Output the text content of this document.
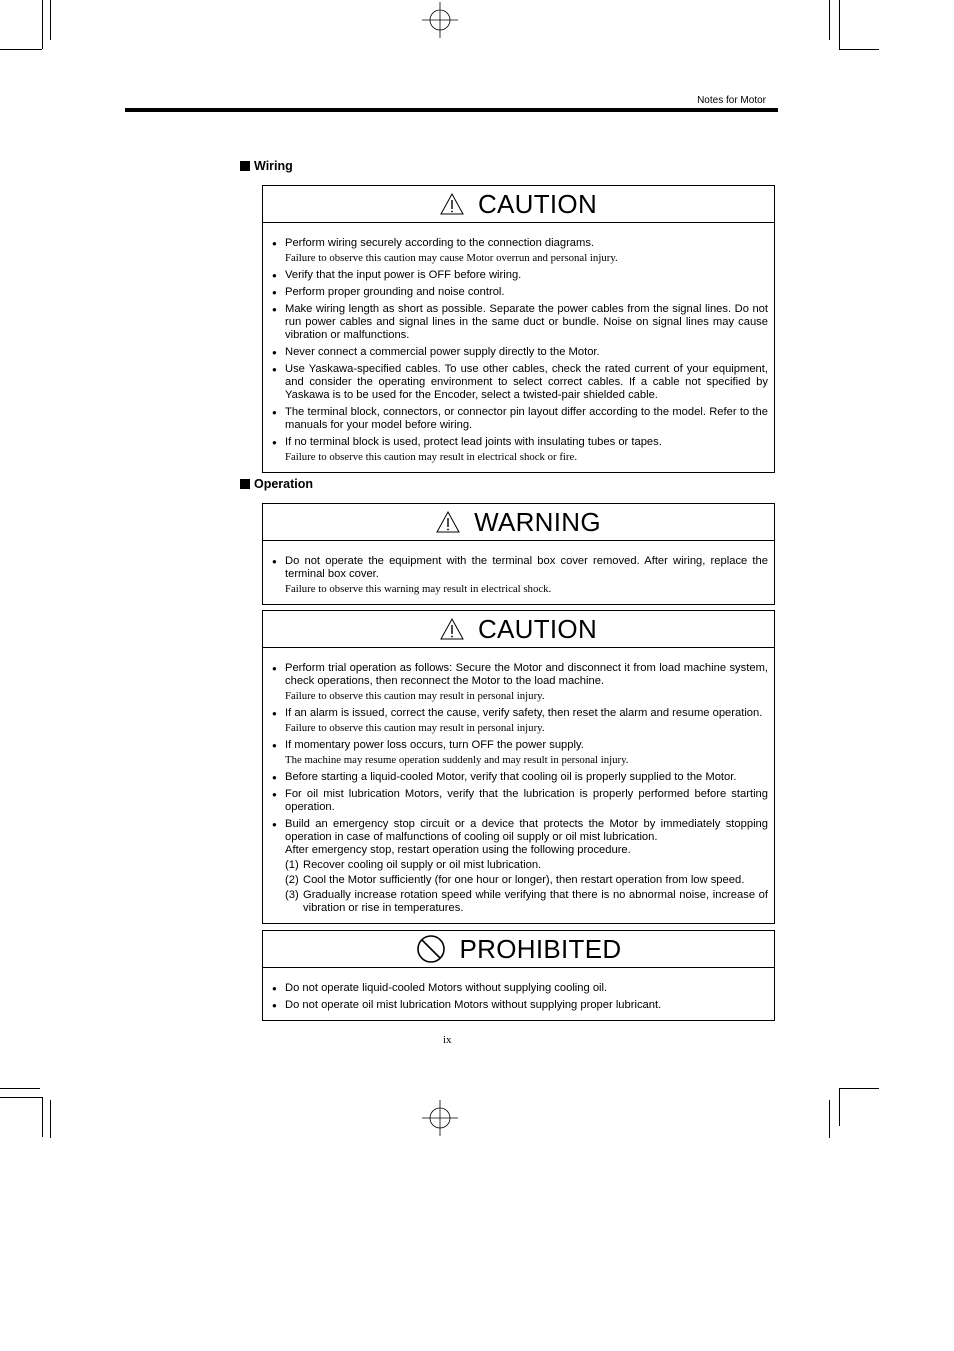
Notes for Motor
Wiring
CAUTION
● Perform wiring securely according to the connection diagrams.
Failure to observe this caution may cause Motor overrun and personal injury.
● Verify that the input power is OFF before wiring.
● Perform proper grounding and noise control.
● Make wiring length as short as possible. Separate the power cables from the signal lines. Do not run power cables and signal lines in the same duct or bundle. Noise on signal lines may cause vibration or malfunctions.
● Never connect a commercial power supply directly to the Motor.
● Use Yaskawa-specified cables. To use other cables, check the rated current of your equipment, and consider the operating environment to select correct cables. If a cable not specified by Yaskawa is to be used for the Encoder, select a twisted-pair shielded cable.
● The terminal block, connectors, or connector pin layout differ according to the model. Refer to the manuals for your model before wiring.
● If no terminal block is used, protect lead joints with insulating tubes or tapes.
Failure to observe this caution may result in electrical shock or fire.
Operation
WARNING
● Do not operate the equipment with the terminal box cover removed. After wiring, replace the terminal box cover.
Failure to observe this warning may result in electrical shock.
CAUTION
● Perform trial operation as follows: Secure the Motor and disconnect it from load machine system, check operations, then reconnect the Motor to the load machine.
Failure to observe this caution may result in personal injury.
● If an alarm is issued, correct the cause, verify safety, then reset the alarm and resume operation.
Failure to observe this caution may result in personal injury.
● If momentary power loss occurs, turn OFF the power supply.
The machine may resume operation suddenly and may result in personal injury.
● Before starting a liquid-cooled Motor, verify that cooling oil is properly supplied to the Motor.
● For oil mist lubrication Motors, verify that the lubrication is properly performed before starting operation.
● Build an emergency stop circuit or a device that protects the Motor by immediately stopping operation in case of malfunctions of cooling oil supply or oil mist lubrication.
After emergency stop, restart operation using the following procedure.
(1) Recover cooling oil supply or oil mist lubrication.
(2) Cool the Motor sufficiently (for one hour or longer), then restart operation from low speed.
(3) Gradually increase rotation speed while verifying that there is no abnormal noise, increase of vibration or rise in temperatures.
PROHIBITED
● Do not operate liquid-cooled Motors without supplying cooling oil.
● Do not operate oil mist lubrication Motors without supplying proper lubricant.
ix
